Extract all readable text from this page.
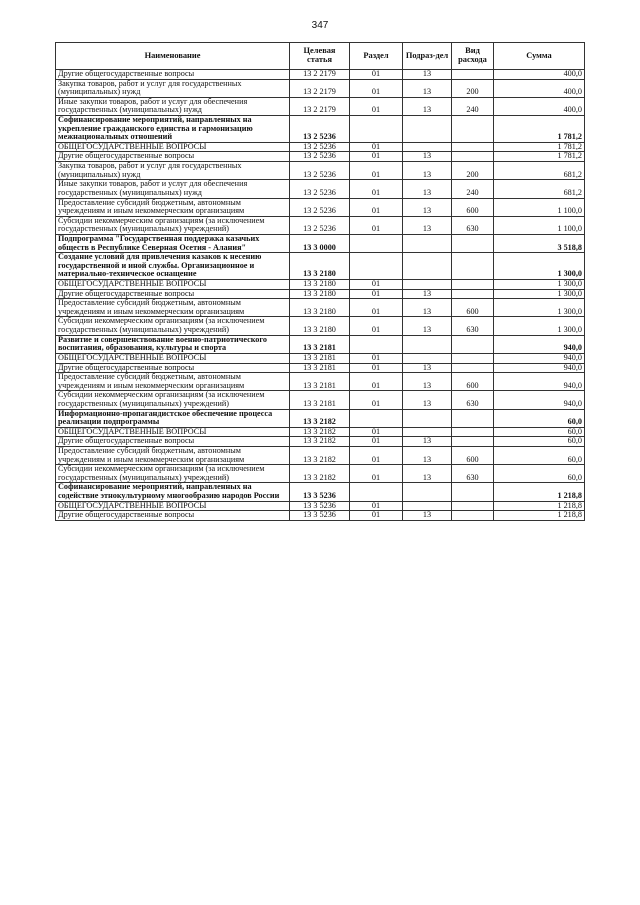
347
Наименование	Целевая статья	Раздел	Подраз-дел	Вид расхода	Сумма
Другие общегосударственные вопросы	13 2 2179	01	13		400,0
Закупка товаров, работ и услуг для государственных (муниципальных) нужд	13 2 2179	01	13	200	400,0
Иные закупки товаров, работ и услуг для обеспечения государственных (муниципальных) нужд	13 2 2179	01	13	240	400,0
Софинансирование мероприятий, направленных на укрепление гражданского единства и гармонизацию межнациональных отношений	13 2 5236				1 781,2
ОБЩЕГОСУДАРСТВЕННЫЕ ВОПРОСЫ	13 2 5236	01			1 781,2
Другие общегосударственные вопросы	13 2 5236	01	13		1 781,2
Закупка товаров, работ и услуг для государственных (муниципальных) нужд	13 2 5236	01	13	200	681,2
Иные закупки товаров, работ и услуг для обеспечения государственных (муниципальных) нужд	13 2 5236	01	13	240	681,2
Предоставление субсидий бюджетным, автономным учреждениям и иным некоммерческим организациям	13 2 5236	01	13	600	1 100,0
Субсидии некоммерческим организациям (за исключением государственных (муниципальных) учреждений)	13 2 5236	01	13	630	1 100,0
Подпрограмма "Государственная поддержка казачьих обществ в Республике Северная Осетия - Алания"	13 3 0000				3 518,8
Создание условий для привлечения казаков к несению государственной и иной службы. Организационное и материально-техническое оснащение	13 3 2180				1 300,0
ОБЩЕГОСУДАРСТВЕННЫЕ ВОПРОСЫ	13 3 2180	01			1 300,0
Другие общегосударственные вопросы	13 3 2180	01	13		1 300,0
Предоставление субсидий бюджетным, автономным учреждениям и иным некоммерческим организациям	13 3 2180	01	13	600	1 300,0
Субсидии некоммерческим организациям (за исключением государственных (муниципальных) учреждений)	13 3 2180	01	13	630	1 300,0
Развитие и совершенствование военно-патриотического воспитания, образования, культуры и спорта	13 3 2181				940,0
ОБЩЕГОСУДАРСТВЕННЫЕ ВОПРОСЫ	13 3 2181	01			940,0
Другие общегосударственные вопросы	13 3 2181	01	13		940,0
Предоставление субсидий бюджетным, автономным учреждениям и иным некоммерческим организациям	13 3 2181	01	13	600	940,0
Субсидии некоммерческим организациям (за исключением государственных (муниципальных) учреждений)	13 3 2181	01	13	630	940,0
Информационно-пропагандистское обеспечение процесса реализации подпрограммы	13 3 2182				60,0
ОБЩЕГОСУДАРСТВЕННЫЕ ВОПРОСЫ	13 3 2182	01			60,0
Другие общегосударственные вопросы	13 3 2182	01	13		60,0
Предоставление субсидий бюджетным, автономным учреждениям и иным некоммерческим организациям	13 3 2182	01	13	600	60,0
Субсидии некоммерческим организациям (за исключением государственных (муниципальных) учреждений)	13 3 2182	01	13	630	60,0
Софинансирование мероприятий, направленных на содействие этнокультурному многообразию народов России	13 3 5236				1 218,8
ОБЩЕГОСУДАРСТВЕННЫЕ ВОПРОСЫ	13 3 5236	01			1 218,8
Другие общегосударственные вопросы	13 3 5236	01	13		1 218,8
